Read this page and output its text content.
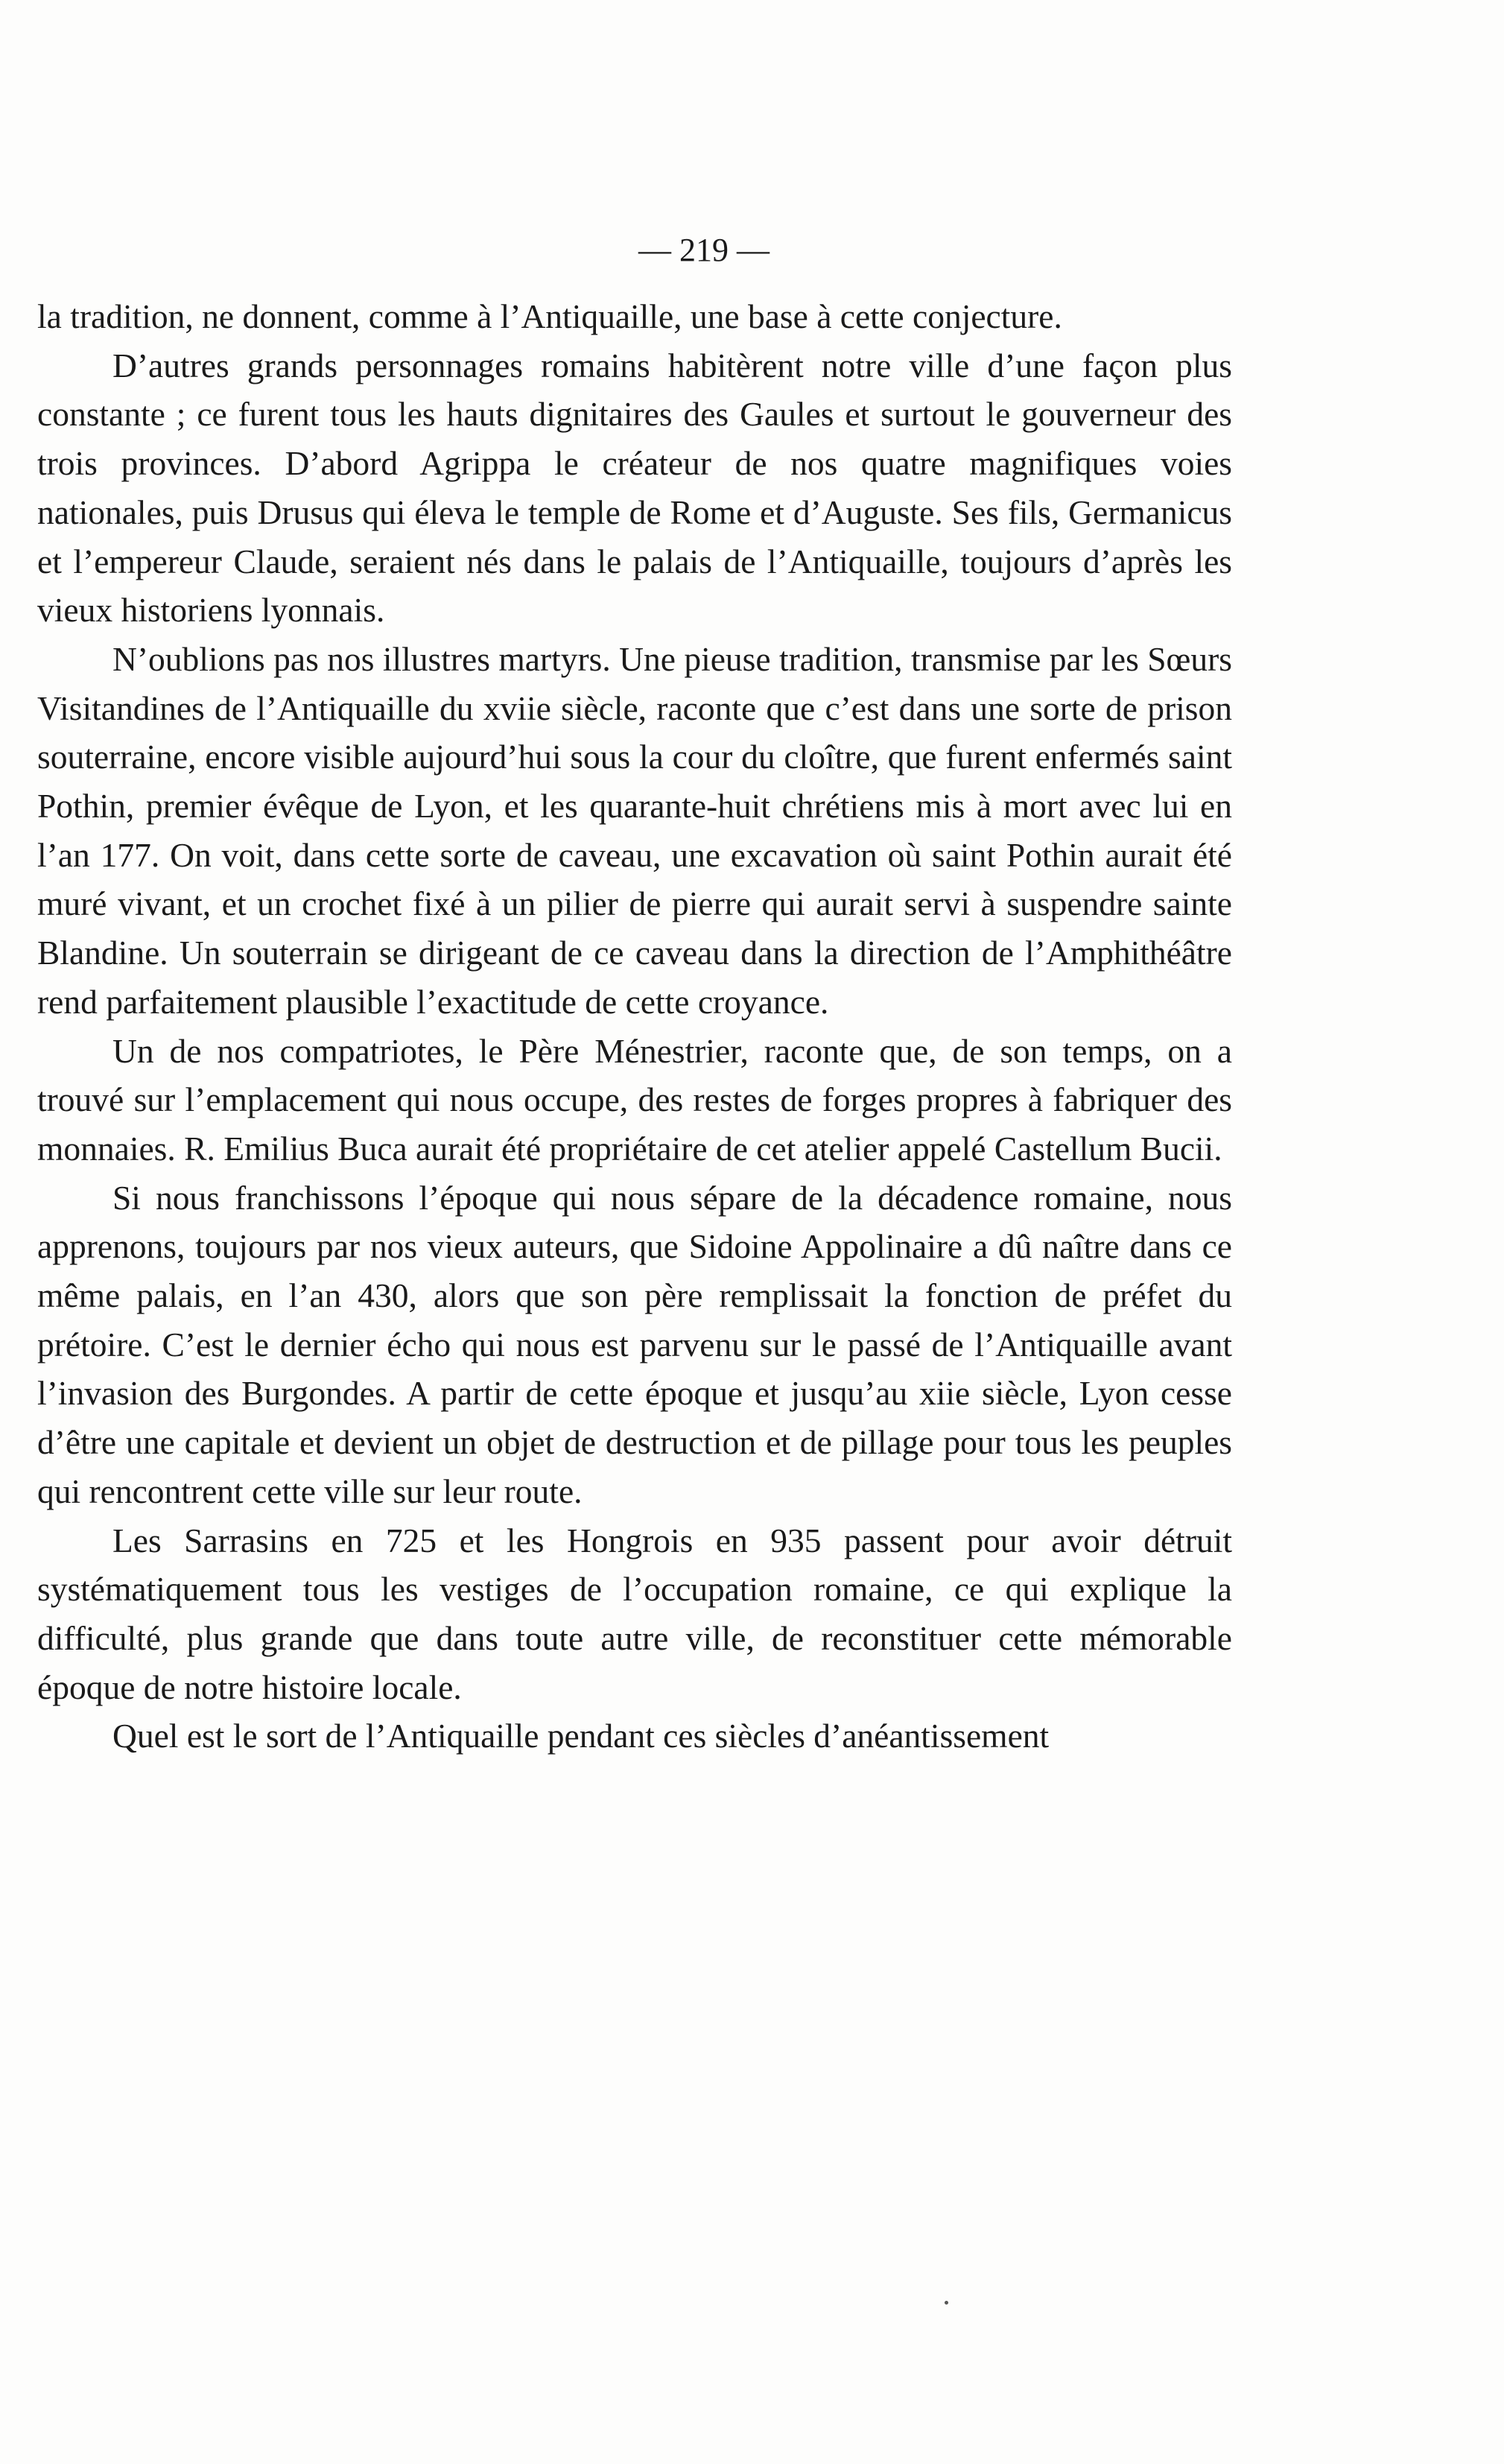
— 219 —

la tradition, ne donnent, comme à l’Antiquaille, une base à cette conjecture.

D’autres grands personnages romains habitèrent notre ville d’une façon plus constante ; ce furent tous les hauts dignitaires des Gaules et surtout le gouverneur des trois provinces. D’abord Agrippa le créateur de nos quatre magnifiques voies nationales, puis Drusus qui éleva le temple de Rome et d’Auguste. Ses fils, Germanicus et l’empereur Claude, seraient nés dans le palais de l’Antiquaille, toujours d’après les vieux historiens lyonnais.

N’oublions pas nos illustres martyrs. Une pieuse tradition, transmise par les Sœurs Visitandines de l’Antiquaille du xviie siècle, raconte que c’est dans une sorte de prison souterraine, encore visible aujourd’hui sous la cour du cloître, que furent enfermés saint Pothin, premier évêque de Lyon, et les quarante-huit chrétiens mis à mort avec lui en l’an 177. On voit, dans cette sorte de caveau, une excavation où saint Pothin aurait été muré vivant, et un crochet fixé à un pilier de pierre qui aurait servi à suspendre sainte Blandine. Un souterrain se dirigeant de ce caveau dans la direction de l’Amphithéâtre rend parfaitement plausible l’exactitude de cette croyance.

Un de nos compatriotes, le Père Ménestrier, raconte que, de son temps, on a trouvé sur l’emplacement qui nous occupe, des restes de forges propres à fabriquer des monnaies. R. Emilius Buca aurait été propriétaire de cet atelier appelé Castellum Bucii.

Si nous franchissons l’époque qui nous sépare de la décadence romaine, nous apprenons, toujours par nos vieux auteurs, que Sidoine Appolinaire a dû naître dans ce même palais, en l’an 430, alors que son père remplissait la fonction de préfet du prétoire. C’est le dernier écho qui nous est parvenu sur le passé de l’Antiquaille avant l’invasion des Burgondes. A partir de cette époque et jusqu’au xiie siècle, Lyon cesse d’être une capitale et devient un objet de destruction et de pillage pour tous les peuples qui rencontrent cette ville sur leur route.

Les Sarrasins en 725 et les Hongrois en 935 passent pour avoir détruit systématiquement tous les vestiges de l’occupation romaine, ce qui explique la difficulté, plus grande que dans toute autre ville, de reconstituer cette mémorable époque de notre histoire locale.

Quel est le sort de l’Antiquaille pendant ces siècles d’anéantissement
